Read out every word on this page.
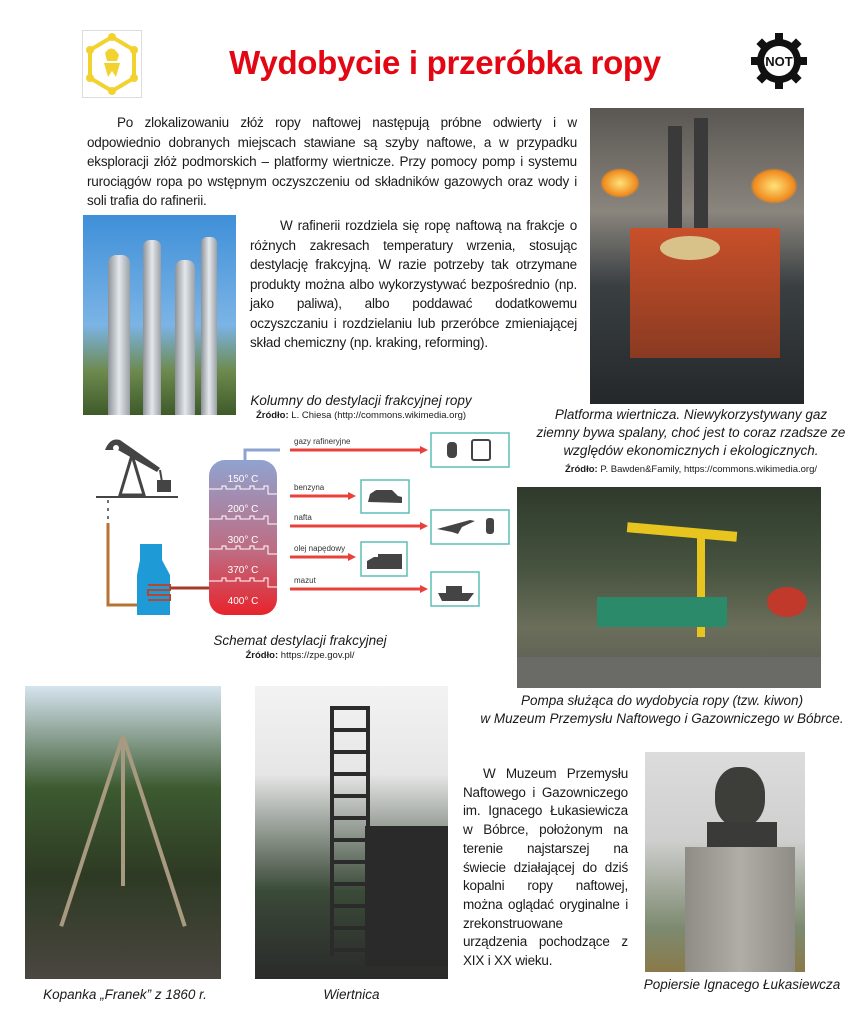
Wydobycie i przeróbka ropy	NOT
Po zlokalizowaniu złóż ropy naftowej następują próbne odwierty i w odpowiednio dobranych miejscach stawiane są szyby naftowe, a w przypadku eksploracji złóż podmorskich – platformy wiertnicze. Przy pomocy pomp i systemu rurociągów ropa po wstępnym oczyszczeniu od składników gazowych oraz wody i soli trafia do rafinerii.
W rafinerii rozdziela się ropę naftową na frakcje o różnych zakresach temperatury wrzenia, stosując destylację frakcyjną. W razie potrzeby tak otrzymane produkty można albo wykorzystywać bezpośrednio (np. jako paliwa), albo poddawać dodatkowemu oczyszczaniu i rozdzielaniu lub przeróbce zmieniającej skład chemiczny (np. kraking, reforming).
Kolumny do destylacji frakcyjnej ropy
Źródło: L. Chiesa (http://commons.wikimedia.org)	Platforma wiertnicza. Niewykorzystywany gaz ziemny bywa spalany, choć jest to coraz rzadsze ze względów ekonomicznych i ekologicznych.
Źródło: P. Bawden&Family, https://commons.wikimedia.org/
150° C
200° C
300° C
370° C
400° C
gazy rafineryjne
benzyna
nafta
olej napędowy
mazut
Schemat destylacji frakcyjnej
Źródło: https://zpe.gov.pl/
Pompa służąca do wydobycia ropy (tzw. kiwon)
w Muzeum Przemysłu Naftowego i Gazowniczego w Bóbrce.
Kopanka „Franek” z 1860 r.	Wiertnica
W Muzeum Przemysłu Naftowego i Gazowniczego im. Ignacego Łukasiewicza w Bóbrce, położonym na terenie najstarszej na świecie działającej do dziś kopalni ropy naftowej, można oglądać oryginalne i zrekonstruowane urządzenia pochodzące z XIX i XX wieku.
Popiersie Ignacego Łukasiewcza
